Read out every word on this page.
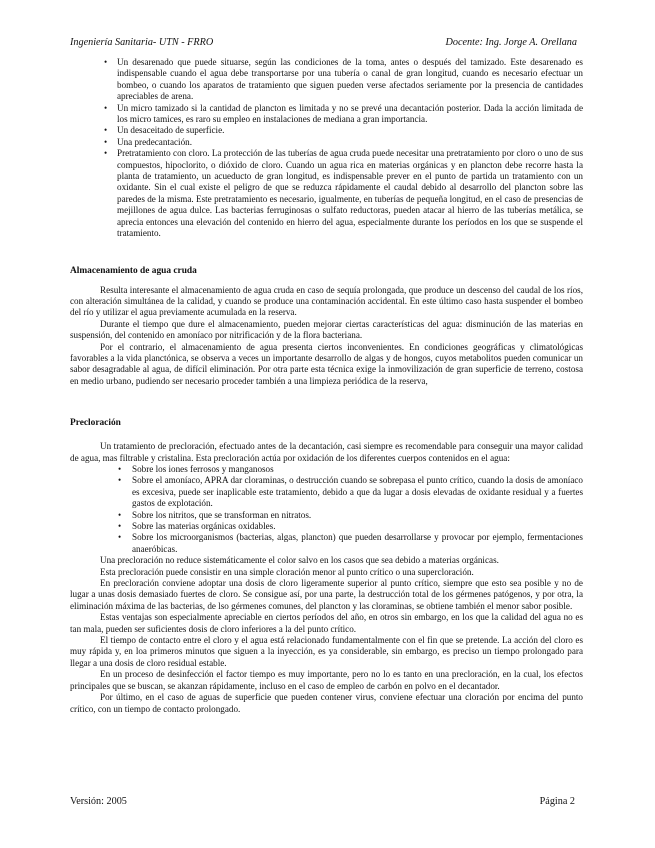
Ingeniería Sanitaria- UTN - FRRO	Docente: Ing. Jorge A. Orellana
• Un desarenado que puede situarse, según las condiciones de la toma, antes o después del tamizado. Este desarenado es indispensable cuando el agua debe transportarse por una tubería o canal de gran longitud, cuando es necesario efectuar un bombeo, o cuando los aparatos de tratamiento que siguen pueden verse afectados seriamente por la presencia de cantidades apreciables de arena.
• Un micro tamizado si la cantidad de plancton es limitada y no se prevé una decantación posterior. Dada la acción limitada de los micro tamices, es raro su empleo en instalaciones de mediana a gran importancia.
• Un desaceitado de superficie.
• Una predecantación.
• Pretratamiento con cloro. La protección de las tuberías de agua cruda puede necesitar una pretratamiento por cloro o uno de sus compuestos, hipoclorito, o dióxido de cloro. Cuando un agua rica en materias orgánicas y en plancton debe recorre hasta la planta de tratamiento, un acueducto de gran longitud, es indispensable prever en el punto de partida un tratamiento con un oxidante. Sin el cual existe el peligro de que se reduzca rápidamente el caudal debido al desarrollo del plancton sobre las paredes de la misma. Este pretratamiento es necesario, igualmente, en tuberías de pequeña longitud, en el caso de presencias de mejillones de agua dulce. Las bacterias ferruginosas o sulfato reductoras, pueden atacar al hierro de las tuberías metálica, se aprecia entonces una elevación del contenido en hierro del agua, especialmente durante los períodos en los que se suspende el tratamiento.
Almacenamiento de agua cruda

Resulta interesante el almacenamiento de agua cruda en caso de sequía prolongada, que produce un descenso del caudal de los ríos, con alteración simultánea de la calidad, y cuando se produce una contaminación accidental. En este último caso hasta suspender el bombeo del río y utilizar el agua previamente acumulada en la reserva.

Durante el tiempo que dure el almacenamiento, pueden mejorar ciertas características del agua: disminución de las materias en suspensión, del contenido en amoníaco por nitrificación y de la flora bacteriana.

Por el contrario, el almacenamiento de agua presenta ciertos inconvenientes. En condiciones geográficas y climatológicas favorables a la vida planctónica, se observa a veces un importante desarrollo de algas y de hongos, cuyos metabolitos pueden comunicar un sabor desagradable al agua, de difícil eliminación. Por otra parte esta técnica exige la inmovilización de gran superficie de terreno, costosa en medio urbano, pudiendo ser necesario proceder también a una limpieza periódica de la reserva,

Precloración

Un tratamiento de precloración, efectuado antes de la decantación, casi siempre es recomendable para conseguir una mayor calidad de agua, mas filtrable y cristalina. Esta precloración actúa por oxidación de los diferentes cuerpos contenidos en el agua:

• Sobre los iones ferrosos y manganosos
• Sobre el amoníaco, APRA dar cloraminas, o destrucción cuando se sobrepasa el punto crítico, cuando la dosis de amoníaco es excesiva, puede ser inaplicable este tratamiento, debido a que da lugar a dosis elevadas de oxidante residual y a fuertes gastos de explotación.
• Sobre los nitritos, que se transforman en nitratos.
• Sobre las materias orgánicas oxidables.
• Sobre los microorganismos (bacterias, algas, plancton) que pueden desarrollarse y provocar por ejemplo, fermentaciones anaeróbicas.

Una precloración no reduce sistemáticamente el color salvo en los casos que sea debido a materias orgánicas.

Esta precloración puede consistir en una simple cloración menor al punto crítico o una supercloración.

En precloración conviene adoptar una dosis de cloro ligeramente superior al punto crítico, siempre que esto sea posible y no de lugar a unas dosis demasiado fuertes de cloro. Se consigue así, por una parte, la destrucción total de los gérmenes patógenos, y por otra, la eliminación máxima de las bacterias, de lso gérmenes comunes, del plancton y las cloraminas, se obtiene también el menor sabor posible.

Estas ventajas son especialmente apreciable en ciertos períodos del año, en otros sin embargo, en los que la calidad del agua no es tan mala, pueden ser suficientes dosis de cloro inferiores a la del punto crítico.

El tiempo de contacto entre el cloro y el agua está relacionado fundamentalmente con el fin que se pretende. La acción del cloro es muy rápida y, en loa primeros minutos que siguen a la inyección, es ya considerable, sin embargo, es preciso un tiempo prolongado para llegar a una dosis de cloro residual estable.

En un proceso de desinfección el factor tiempo es muy importante, pero no lo es tanto en una precloración, en la cual, los efectos principales que se buscan, se akanzan rápidamente, incluso en el caso de empleo de carbón en polvo en el decantador.

Por último, en el caso de aguas de superficie que pueden contener virus, conviene efectuar una cloración por encima del punto crítico, con un tiempo de contacto prolongado.

Versión: 2005	Página 2
